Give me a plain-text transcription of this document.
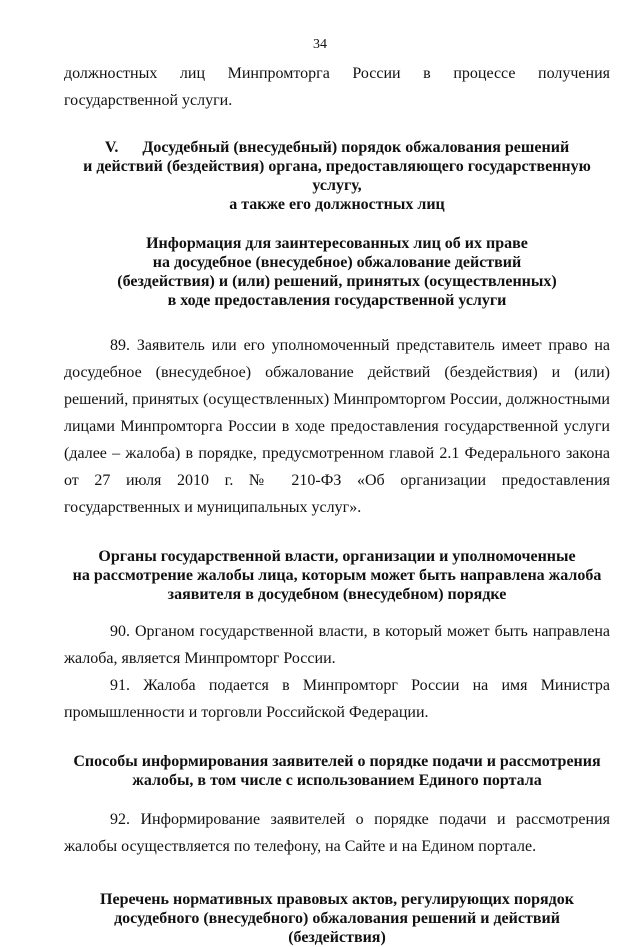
34

должностных лиц Минпромторга России в процессе получения государственной услуги.

V.      Досудебный (внесудебный) порядок обжалования решений

и действий (бездействия) органа, предоставляющего государственную услугу,

а также его должностных лиц

Информация для заинтересованных лиц об их праве

на досудебное (внесудебное) обжалование действий

(бездействия) и (или) решений, принятых (осуществленных)

в ходе предоставления государственной услуги

89. Заявитель или его уполномоченный представитель имеет право на досудебное (внесудебное) обжалование действий (бездействия) и (или) решений, принятых (осуществленных) Минпромторгом России, должностными лицами Минпромторга России в ходе предоставления государственной услуги (далее – жалоба) в порядке, предусмотренном главой 2.1 Федерального закона от 27 июля 2010 г. № 210-ФЗ «Об организации предоставления государственных и муниципальных услуг».

Органы государственной власти, организации и уполномоченные

на рассмотрение жалобы лица, которым может быть направлена жалоба

заявителя в досудебном (внесудебном) порядке

90. Органом государственной власти, в который может быть направлена жалоба, является Минпромторг России.

91. Жалоба подается в Минпромторг России на имя Министра промышленности и торговли Российской Федерации.

Способы информирования заявителей о порядке подачи и рассмотрения

жалобы, в том числе с использованием Единого портала

92. Информирование заявителей о порядке подачи и рассмотрения жалобы осуществляется по телефону, на Сайте и на Едином портале.

Перечень нормативных правовых актов, регулирующих порядок

досудебного (внесудебного) обжалования решений и действий (бездействия)
